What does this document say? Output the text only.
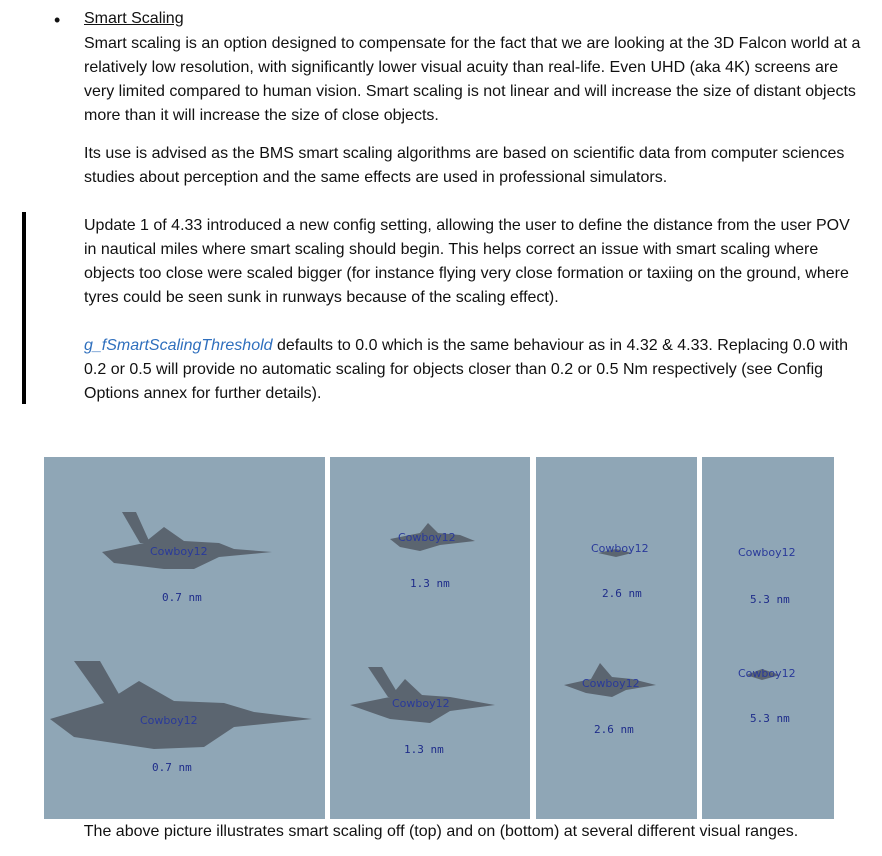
• Smart Scaling

Smart scaling is an option designed to compensate for the fact that we are looking at the 3D Falcon world at a relatively low resolution, with significantly lower visual acuity than real-life. Even UHD (aka 4K) screens are very limited compared to human vision. Smart scaling is not linear and will increase the size of distant objects more than it will increase the size of close objects.

Its use is advised as the BMS smart scaling algorithms are based on scientific data from computer sciences studies about perception and the same effects are used in professional simulators.

Update 1 of 4.33 introduced a new config setting, allowing the user to define the distance from the user POV in nautical miles where smart scaling should begin. This helps correct an issue with smart scaling where objects too close were scaled bigger (for instance flying very close formation or taxiing on the ground, where tyres could be seen sunk in runways because of the scaling effect).

g_fSmartScalingThreshold defaults to 0.0 which is the same behaviour as in 4.32 & 4.33. Replacing 0.0 with 0.2 or 0.5 will provide no automatic scaling for objects closer than 0.2 or 0.5 Nm respectively (see Config Options annex for further details).

Cowboy12
0.7 nm
Cowboy12
0.7 nm
Cowboy12
1.3 nm
Cowboy12
1.3 nm
Cowboy12
2.6 nm
Cowboy12
2.6 nm
Cowboy12
5.3 nm
Cowboy12
5.3 nm
The above picture illustrates smart scaling off (top) and on (bottom) at several different visual ranges.
